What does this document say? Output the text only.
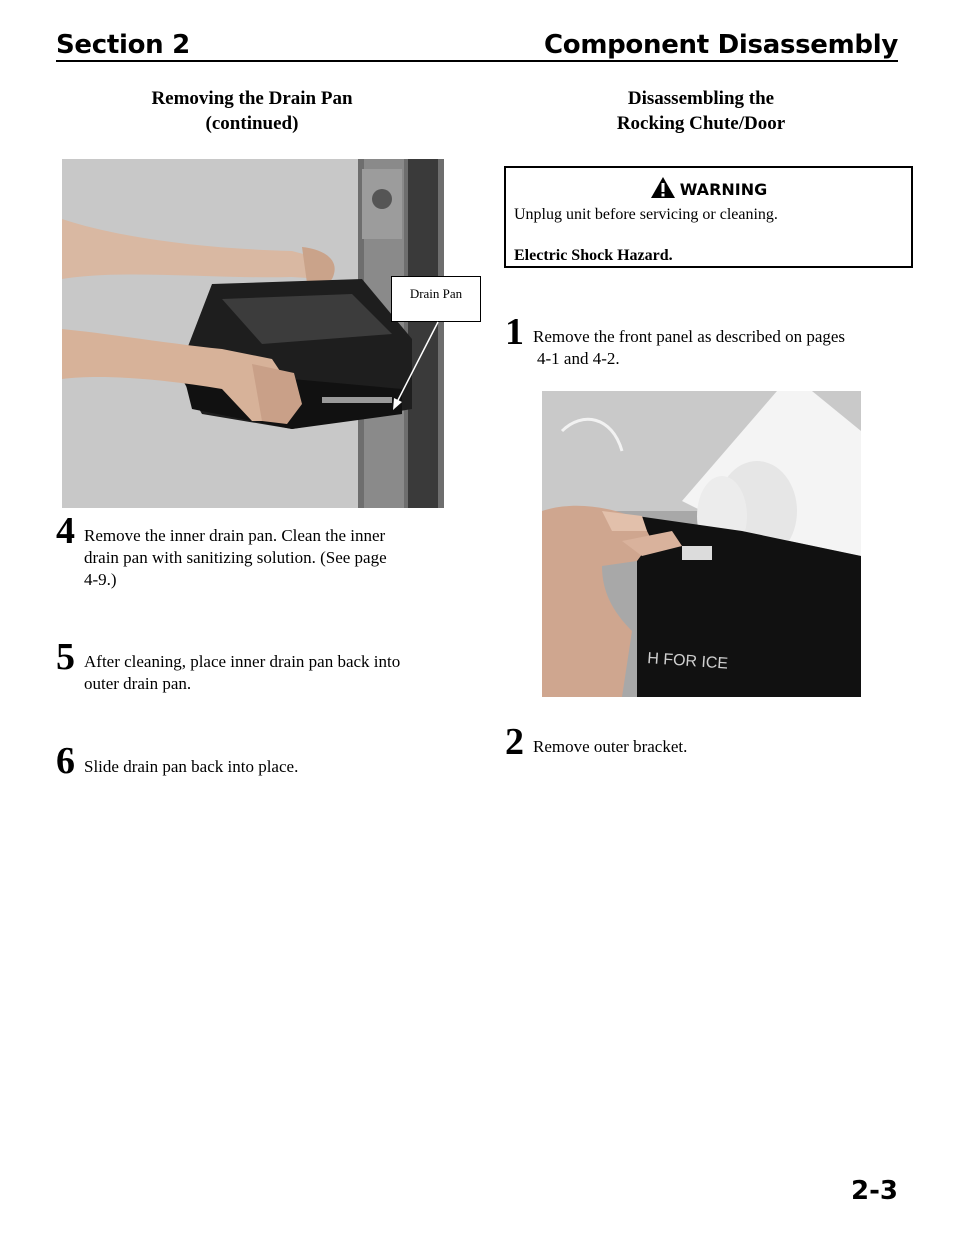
Section 2	Component Disassembly
Removing the Drain Pan
(continued)
Disassembling the
Rocking Chute/Door
Drain Pan
4 Remove the inner drain pan. Clean the inner
drain pan with sanitizing solution. (See page
4-9.)
5 After cleaning, place inner drain pan back into
outer drain pan.
6 Slide drain pan back into place.
WARNING
Unplug unit before servicing or cleaning.
Electric Shock Hazard.
1 Remove the front panel as described on pages
4-1 and 4-2.
H FOR ICE
2 Remove outer bracket.
2-3
